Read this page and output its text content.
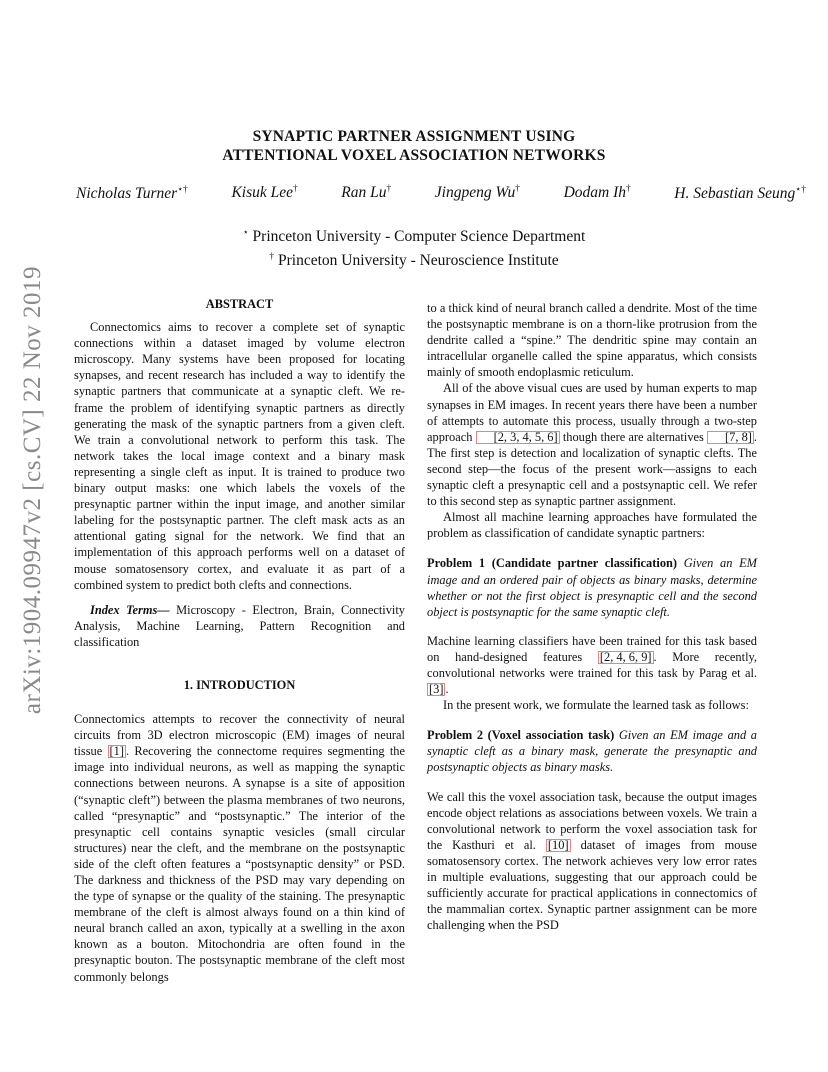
arXiv:1904.09947v2 [cs.CV] 22 Nov 2019
SYNAPTIC PARTNER ASSIGNMENT USING
ATTENTIONAL VOXEL ASSOCIATION NETWORKS
Nicholas Turner⋆†	Kisuk Lee†	Ran Lu†	Jingpeng Wu†	Dodam Ih†	H. Sebastian Seung⋆†
⋆ Princeton University - Computer Science Department
† Princeton University - Neuroscience Institute
ABSTRACT

Connectomics aims to recover a complete set of synaptic connections within a dataset imaged by volume electron microscopy. Many systems have been proposed for locating synapses, and recent research has included a way to identify the synaptic partners that communicate at a synaptic cleft. We re-frame the problem of identifying synaptic partners as directly generating the mask of the synaptic partners from a given cleft. We train a convolutional network to perform this task. The network takes the local image context and a binary mask representing a single cleft as input. It is trained to produce two binary output masks: one which labels the voxels of the presynaptic partner within the input image, and another similar labeling for the postsynaptic partner. The cleft mask acts as an attentional gating signal for the network. We find that an implementation of this approach performs well on a dataset of mouse somatosensory cortex, and evaluate it as part of a combined system to predict both clefts and connections.

Index Terms— Microscopy - Electron, Brain, Connectivity Analysis, Machine Learning, Pattern Recognition and classification

1. INTRODUCTION

Connectomics attempts to recover the connectivity of neural circuits from 3D electron microscopic (EM) images of neural tissue [1] . Recovering the connectome requires segmenting the image into individual neurons, as well as mapping the synaptic connections between neurons. A synapse is a site of apposition (“synaptic cleft”) between the plasma membranes of two neurons, called “presynaptic” and “postsynaptic.” The interior of the presynaptic cell contains synaptic vesicles (small circular structures) near the cleft, and the membrane on the postsynaptic side of the cleft often features a “postsynaptic density” or PSD. The darkness and thickness of the PSD may vary depending on the type of synapse or the quality of the staining. The presynaptic membrane of the cleft is almost always found on a thin kind of neural branch called an axon, typically at a swelling in the axon known as a bouton. Mitochondria are often found in the presynaptic bouton. The postsynaptic membrane of the cleft most commonly belongs

to a thick kind of neural branch called a dendrite. Most of the time the postsynaptic membrane is on a thorn-like protrusion from the dendrite called a “spine.” The dendritic spine may contain an intracellular organelle called the spine apparatus, which consists mainly of smooth endoplasmic reticulum.

All of the above visual cues are used by human experts to map synapses in EM images. In recent years there have been a number of attempts to automate this process, usually through a two-step approach [2, 3, 4, 5, 6] though there are alternatives [7, 8] . The first step is detection and localization of synaptic clefts. The second step—the focus of the present work—assigns to each synaptic cleft a presynaptic cell and a postsynaptic cell. We refer to this second step as synaptic partner assignment.

Almost all machine learning approaches have formulated the problem as classification of candidate synaptic partners:

Problem 1 (Candidate partner classification) Given an EM image and an ordered pair of objects as binary masks, determine whether or not the first object is presynaptic cell and the second object is postsynaptic for the same synaptic cleft.

Machine learning classifiers have been trained for this task based on hand-designed features [2, 4, 6, 9] . More recently, convolutional networks were trained for this task by Parag et al. [3] .

In the present work, we formulate the learned task as follows:

Problem 2 (Voxel association task) Given an EM image and a synaptic cleft as a binary mask, generate the presynaptic and postsynaptic objects as binary masks.

We call this the voxel association task, because the output images encode object relations as associations between voxels. We train a convolutional network to perform the voxel association task for the Kasthuri et al. [10] dataset of images from mouse somatosensory cortex. The network achieves very low error rates in multiple evaluations, suggesting that our approach could be sufficiently accurate for practical applications in connectomics of the mammalian cortex. Synaptic partner assignment can be more challenging when the PSD
